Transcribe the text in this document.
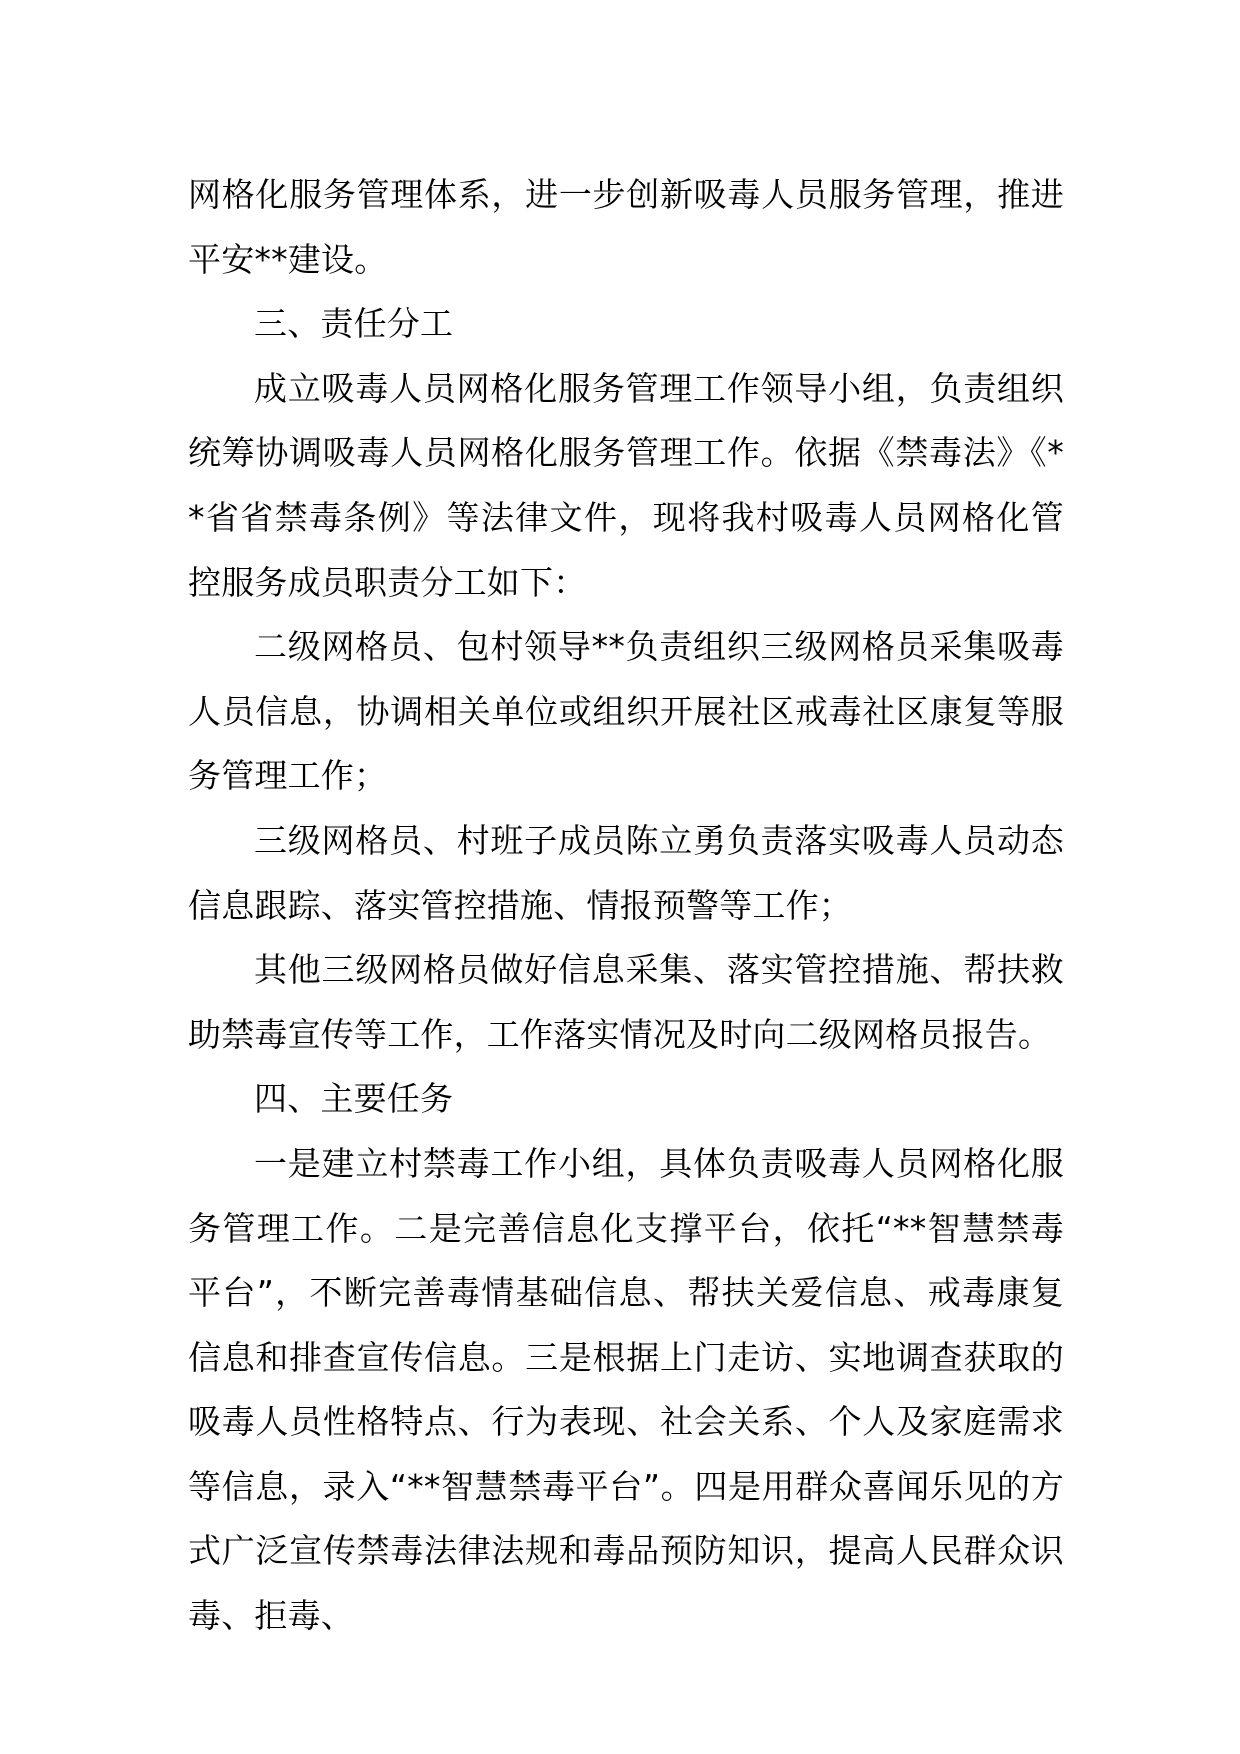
网格化服务管理体系，进一步创新吸毒人员服务管理，推进平安**建设。

三、责任分工

成立吸毒人员网格化服务管理工作领导小组，负责组织统筹协调吸毒人员网格化服务管理工作。依据《禁毒法》《**省省禁毒条例》等法律文件，现将我村吸毒人员网格化管控服务成员职责分工如下：

二级网格员、包村领导**负责组织三级网格员采集吸毒人员信息，协调相关单位或组织开展社区戒毒社区康复等服务管理工作；

三级网格员、村班子成员陈立勇负责落实吸毒人员动态信息跟踪、落实管控措施、情报预警等工作；

其他三级网格员做好信息采集、落实管控措施、帮扶救助禁毒宣传等工作，工作落实情况及时向二级网格员报告。

四、主要任务

一是建立村禁毒工作小组，具体负责吸毒人员网格化服务管理工作。二是完善信息化支撑平台，依托“**智慧禁毒平台”，不断完善毒情基础信息、帮扶关爱信息、戒毒康复信息和排查宣传信息。三是根据上门走访、实地调查获取的吸毒人员性格特点、行为表现、社会关系、个人及家庭需求等信息，录入“**智慧禁毒平台”。四是用群众喜闻乐见的方式广泛宣传禁毒法律法规和毒品预防知识，提高人民群众识毒、拒毒、
